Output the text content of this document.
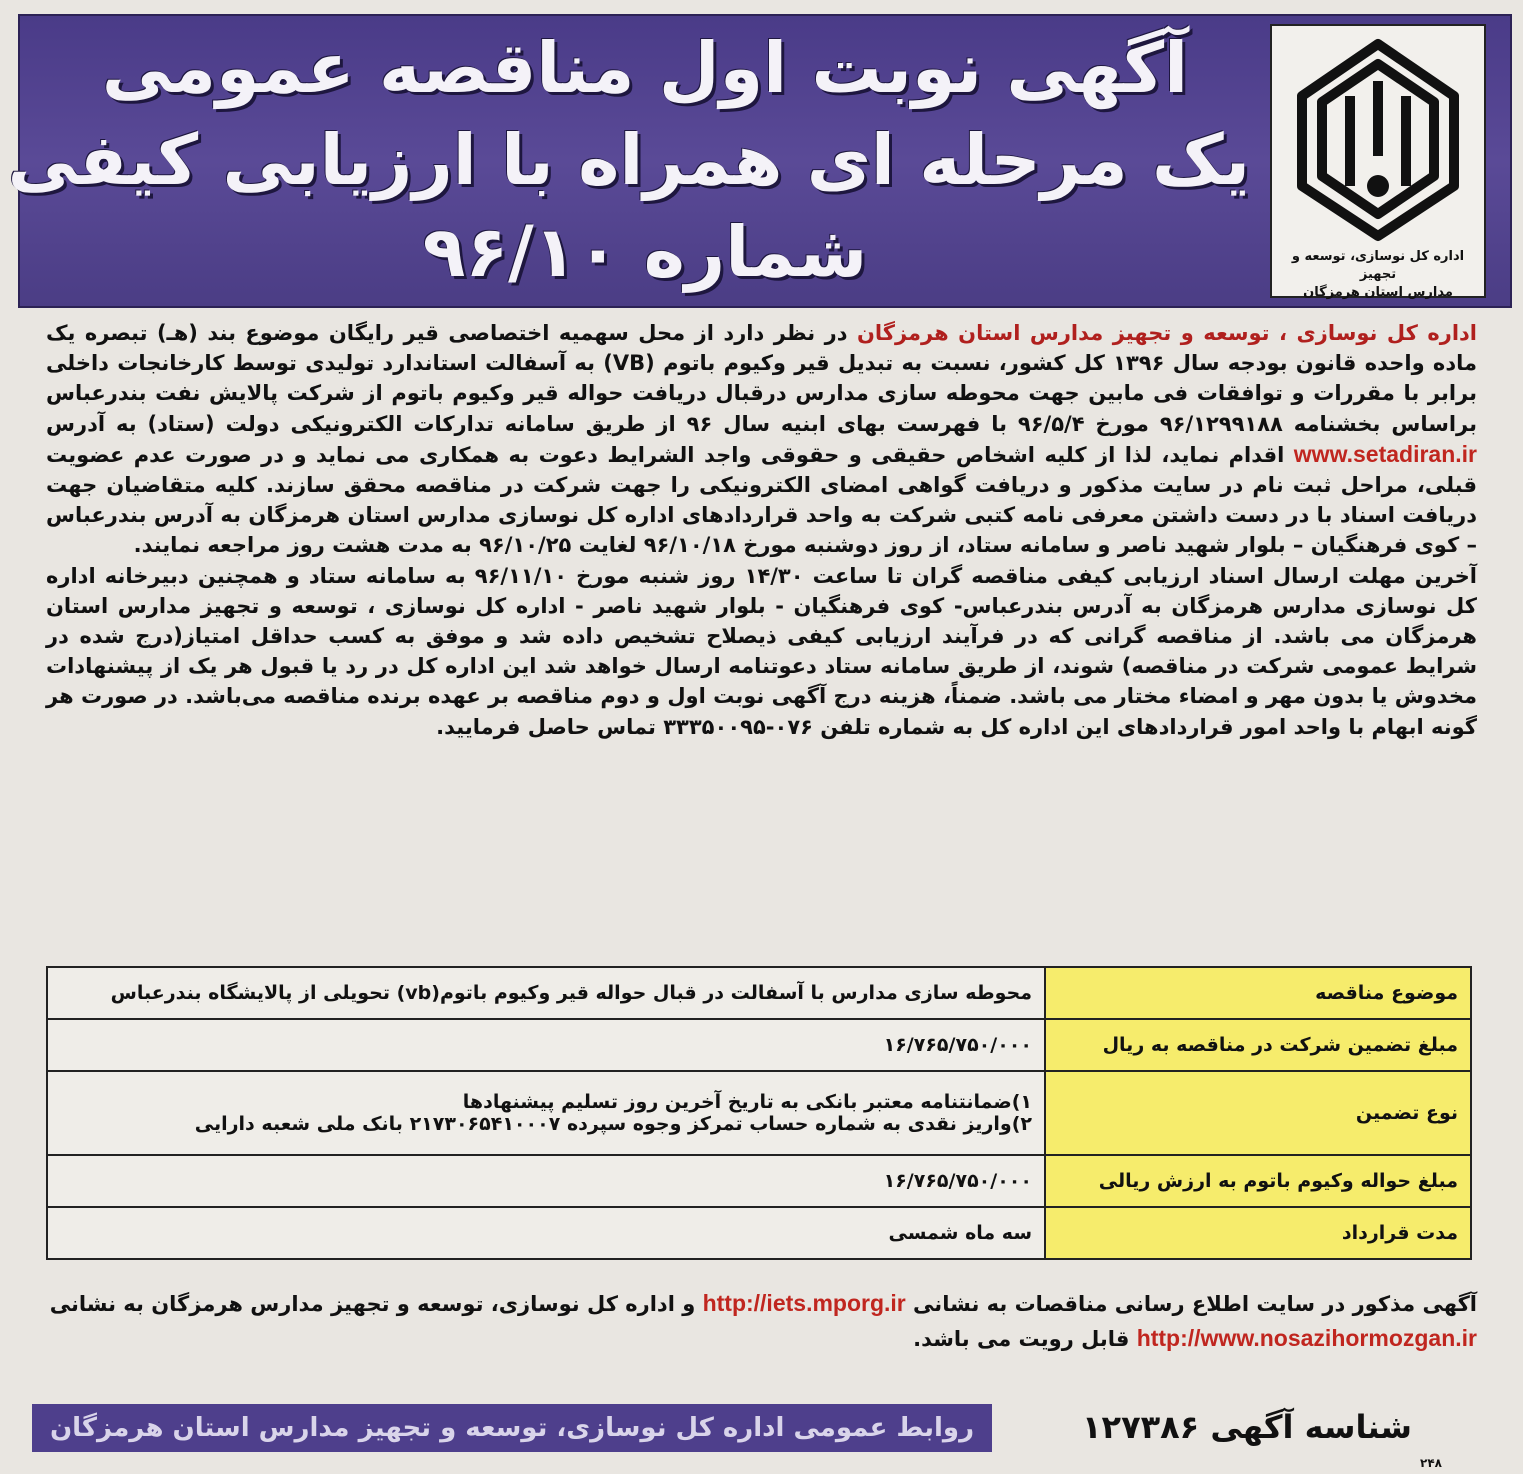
اداره کل نوسازی، توسعه و تجهیز
مدارس استان هرمزگان
آگهی نوبت اول مناقصه عمومی
یک مرحله ای همراه با ارزیابی کیفی
شماره ۹۶/۱۰

اداره کل نوسازی ، توسعه و تجهیز مدارس استان هرمزگان در نظر دارد از محل سهمیه اختصاصی قیر رایگان موضوع بند (هـ) تبصره یک ماده واحده قانون بودجه سال ۱۳۹۶ کل کشور، نسبت به تبدیل قیر وکیوم باتوم (VB) به آسفالت استاندارد تولیدی توسط کارخانجات داخلی برابر با مقررات و توافقات فی مابین جهت محوطه سازی مدارس درقبال دریافت حواله قیر وکیوم باتوم از شرکت پالایش نفت بندرعباس براساس بخشنامه ۹۶/۱۲۹۹۱۸۸ مورخ ۹۶/۵/۴ با فهرست بهای ابنیه سال ۹۶ از طریق سامانه تدارکات الکترونیکی دولت (ستاد) به آدرس www.setadiran.ir اقدام نماید، لذا از کلیه اشخاص حقیقی و حقوقی واجد الشرایط دعوت به همکاری می نماید و در صورت عدم عضویت قبلی، مراحل ثبت نام در سایت مذکور و دریافت گواهی امضای الکترونیکی را جهت شرکت در مناقصه محقق سازند. کلیه متقاضیان جهت دریافت اسناد با در دست داشتن معرفی نامه کتبی شرکت به واحد قراردادهای اداره کل نوسازی مدارس استان هرمزگان به آدرس بندرعباس – کوی فرهنگیان – بلوار شهید ناصر و سامانه ستاد، از روز دوشنبه مورخ ۹۶/۱۰/۱۸ لغایت ۹۶/۱۰/۲۵ به مدت هشت روز مراجعه نمایند.

آخرین مهلت ارسال اسناد ارزیابی کیفی مناقصه گران تا ساعت ۱۴/۳۰ روز شنبه مورخ ۹۶/۱۱/۱۰ به سامانه ستاد و همچنین دبیرخانه اداره کل نوسازی مدارس هرمزگان به آدرس بندرعباس- کوی فرهنگیان - بلوار شهید ناصر - اداره کل نوسازی ، توسعه و تجهیز مدارس استان هرمزگان می باشد. از مناقصه گرانی که در فرآیند ارزیابی کیفی ذیصلاح تشخیص داده شد و موفق به کسب حداقل امتیاز(درج شده در شرایط عمومی شرکت در مناقصه) شوند، از طریق سامانه ستاد دعوتنامه ارسال خواهد شد این اداره کل در رد یا قبول هر یک از پیشنهادات مخدوش یا بدون مهر و امضاء مختار می باشد. ضمناً، هزینه درج آگهی نوبت اول و دوم مناقصه بر عهده برنده مناقصه می‌باشد. در صورت هر گونه ابهام با واحد امور قراردادهای این اداره کل به شماره تلفن ۰۷۶-۳۳۳۵۰۰۹۵ تماس حاصل فرمایید.

موضوع مناقصه	محوطه سازی مدارس با آسفالت در قبال حواله قیر وکیوم باتوم(vb) تحویلی از پالایشگاه بندرعباس
مبلغ تضمین شرکت در مناقصه به ریال	۱۶/۷۶۵/۷۵۰/۰۰۰
نوع تضمین	۱)ضمانتنامه معتبر بانکی به تاریخ آخرین روز تسلیم پیشنهادها
۲)واریز نقدی به شماره حساب تمرکز وجوه سپرده ۲۱۷۳۰۶۵۴۱۰۰۰۷ بانک ملی شعبه دارایی

مبلغ حواله وکیوم باتوم به ارزش ریالی	۱۶/۷۶۵/۷۵۰/۰۰۰
مدت قرارداد	سه ماه شمسی

آگهی مذکور در سایت اطلاع رسانی مناقصات به نشانی http://iets.mporg.ir و اداره کل نوسازی، توسعه و تجهیز مدارس هرمزگان به نشانی http://www.nosazihormozgan.ir قابل رویت می باشد.

شناسه آگهی ۱۲۷۳۸۶
روابط عمومی اداره کل نوسازی، توسعه و تجهیز مدارس استان هرمزگان
۲۴۸
